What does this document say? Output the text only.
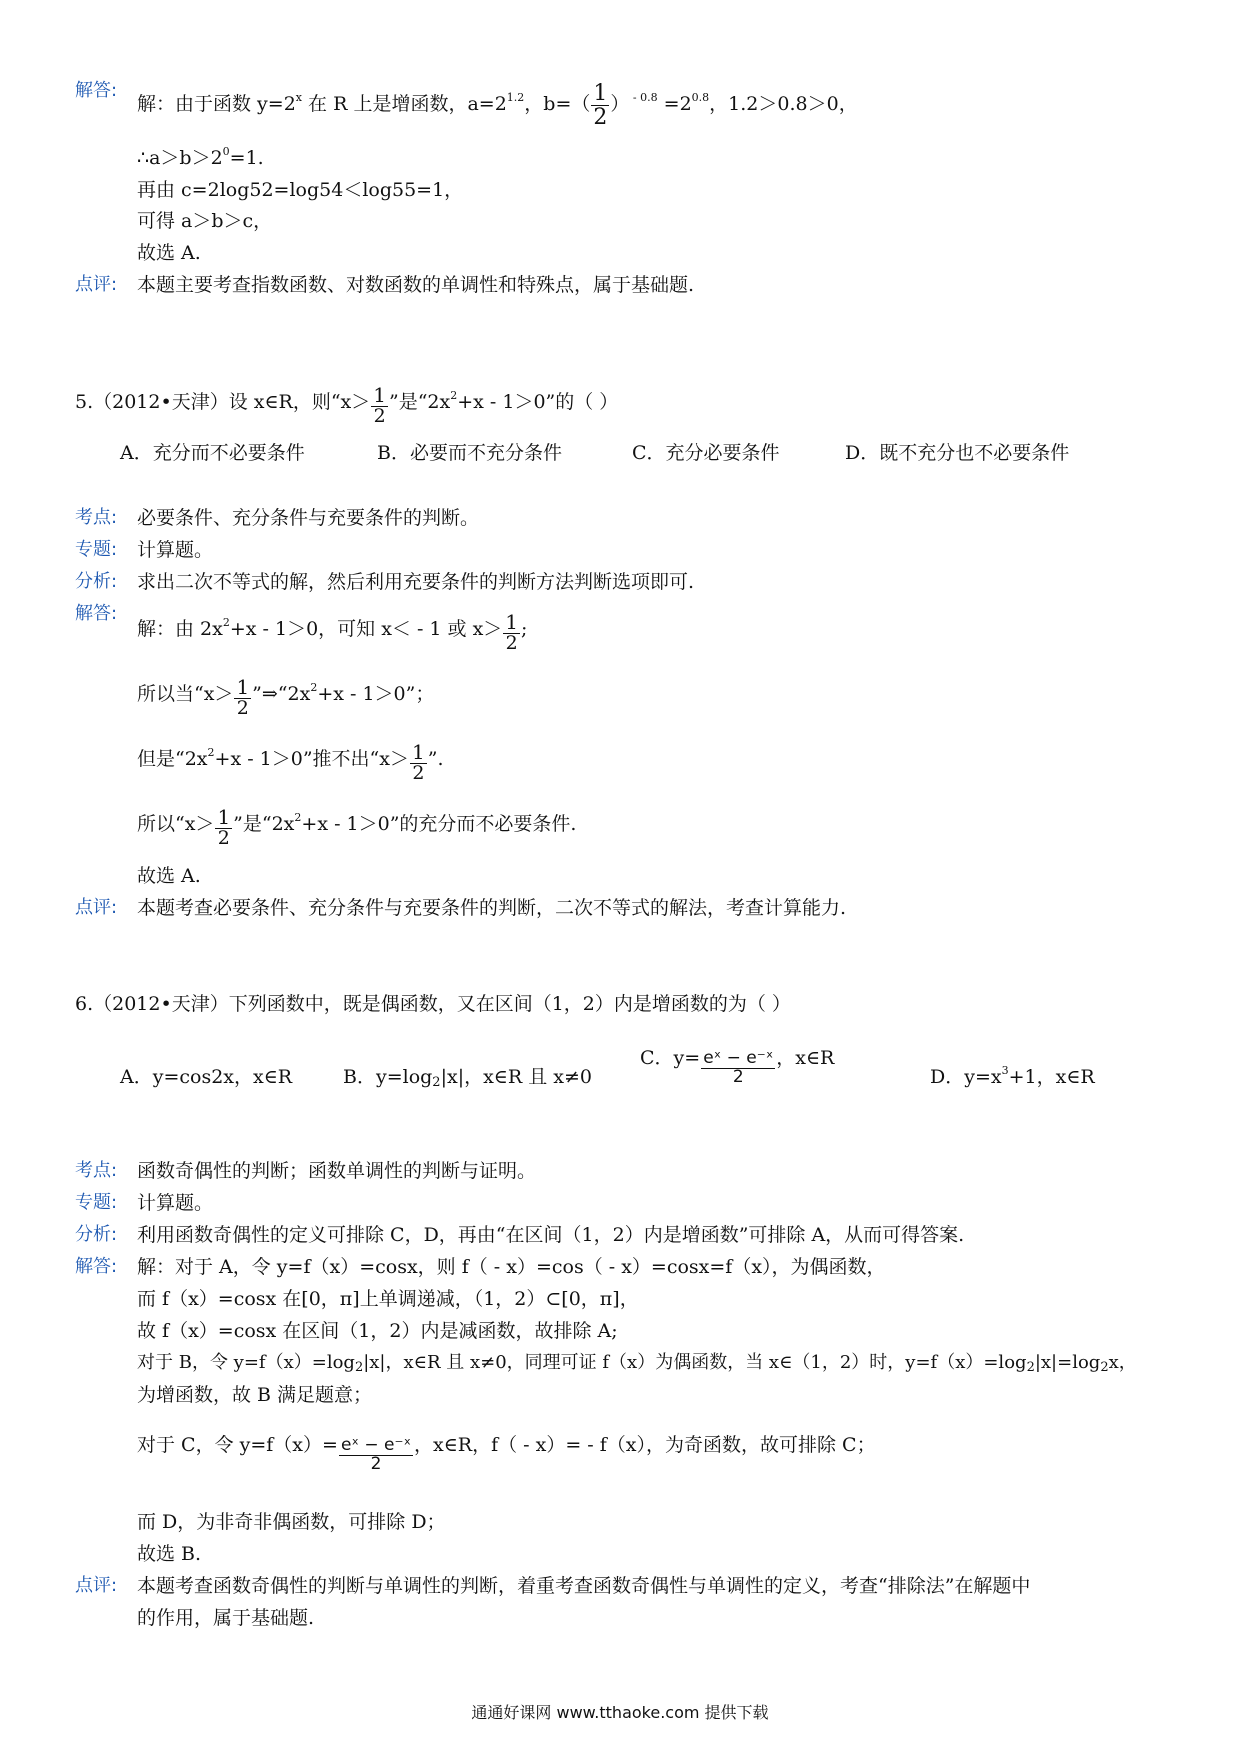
解答:
解：由于函数 $y=2^x$ 在 R 上是增函数，$a=2^{1.2}$，$b=( \frac{1}{2}$ ） $^{- 0.8} =2^{0.8}$，1.2＞0.8＞0，
$\therefore a>b>2^0=1$.
再由 c=2log52=log54＜log55=1，
可得 a＞b＞c，
故选 A.
点评: 本题主要考查指数函数、对数函数的单调性和特殊点，属于基础题.
5.（2012•天津）设 x∈R，则“$x> \frac{1}{2}$ ”是“$2x^2+x - 1>0$”的（ ）
A．充分而不必要条件	B．必要而不充分条件	C．充分必要条件	D．既不充分也不必要条件
考点: 必要条件、充分条件与充要条件的判断。
专题: 计算题。
分析: 求出二次不等式的解，然后利用充要条件的判断方法判断选项即可.
解答:
解：由 $2x^2+x - 1>0$，可知 x＜ - 1 或 $x> \frac{1}{2}$ ;
所以当“$x> \frac{1}{2}$ $”\Rightarrow“2x^2+x - 1>0$”；
但是“$2x^2+x - 1>0$”推不出“$x> \frac{1}{2}$ ”.
所以“$x> \frac{1}{2}$ ”是“$2x^2+x - 1>0$”的充分而不必要条件.
故选 A.
点评: 本题考查必要条件、充分条件与充要条件的判断，二次不等式的解法，考查计算能力.
6.（2012•天津）下列函数中，既是偶函数，又在区间（1，2）内是增函数的为（ ）
A．y=cos2x，x∈R	B．$y=\log_2|x|$，x∈R 且 x≠0
C．$y= \frac{\text{eˣ − e⁻ˣ}}{2}$ ，x∈R
D．$y=x^3+1$，x∈R
考点: 函数奇偶性的判断；函数单调性的判断与证明。
专题: 计算题。
分析: 利用函数奇偶性的定义可排除 C，D，再由“在区间（1，2）内是增函数”可排除 A，从而可得答案.
解答: 解：对于 A，令 y=f（x）=cosx，则 f（ - x）=cos（ - x）=cosx=f（x），为偶函数，
而 f（x）=cosx 在[0，π]上单调递减，（1，2）⊂[0，π]，
故 f（x）=cosx 在区间（1，2）内是减函数，故排除 A;
对于 B，令 $y=f(x)=\log_2|x|$，x∈R 且 x≠0，同理可证 f（x）为偶函数，当 x∈（1，2）时，$y=f(x)=\log_2|x|=\log_2x$，
为增函数，故 B 满足题意；
对于 C，令 $y=f(x)= \frac{\text{eˣ − e⁻ˣ}}{2}$ ，x∈R，f（ - x）= - f（x），为奇函数，故可排除 C；
而 D，为非奇非偶函数，可排除 D；
故选 B.
点评: 本题考查函数奇偶性的判断与单调性的判断，着重考查函数奇偶性与单调性的定义，考查“排除法”在解题中
的作用，属于基础题.
通通好课网 www.tthaoke.com 提供下载
